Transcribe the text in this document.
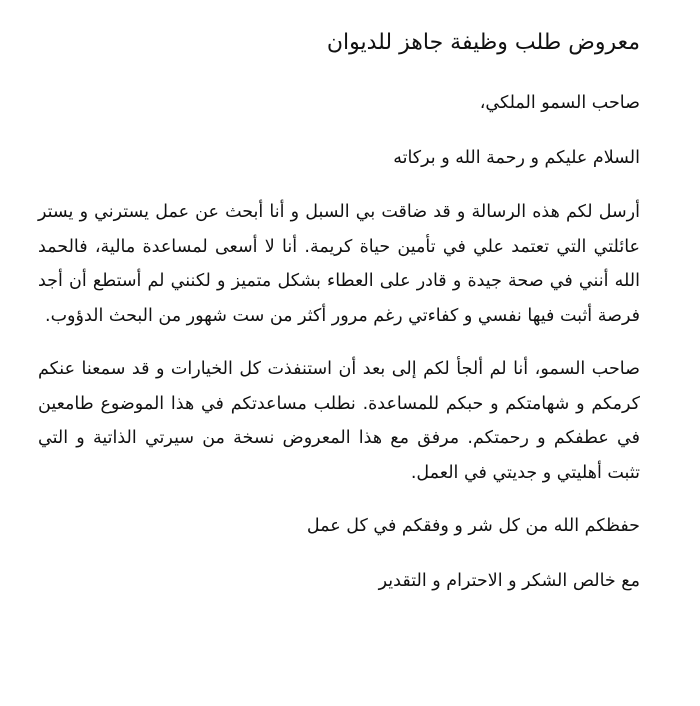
معروض طلب وظيفة جاهز للديوان

صاحب السمو الملكي،

السلام عليكم و رحمة الله و بركاته

أرسل لكم هذه الرسالة و قد ضاقت بي السبل و أنا أبحث عن عمل يسترني و يستر عائلتي التي تعتمد علي في تأمين حياة كريمة. أنا لا أسعى لمساعدة مالية، فالحمد الله أنني في صحة جيدة و قادر على العطاء بشكل متميز و لكنني لم أستطع أن أجد فرصة أثبت فيها نفسي و كفاءتي رغم مرور أكثر من ست شهور من البحث الدؤوب.

صاحب السمو، أنا لم ألجأ لكم إلى بعد أن استنفذت كل الخيارات و قد سمعنا عنكم كرمكم و شهامتكم و حبكم للمساعدة. نطلب مساعدتكم في هذا الموضوع طامعين في عطفكم و رحمتكم. مرفق مع هذا المعروض نسخة من سيرتي الذاتية و التي تثبت أهليتي و جديتي في العمل.

حفظكم الله من كل شر و وفقكم في كل عمل

مع خالص الشكر و الاحترام و التقدير
